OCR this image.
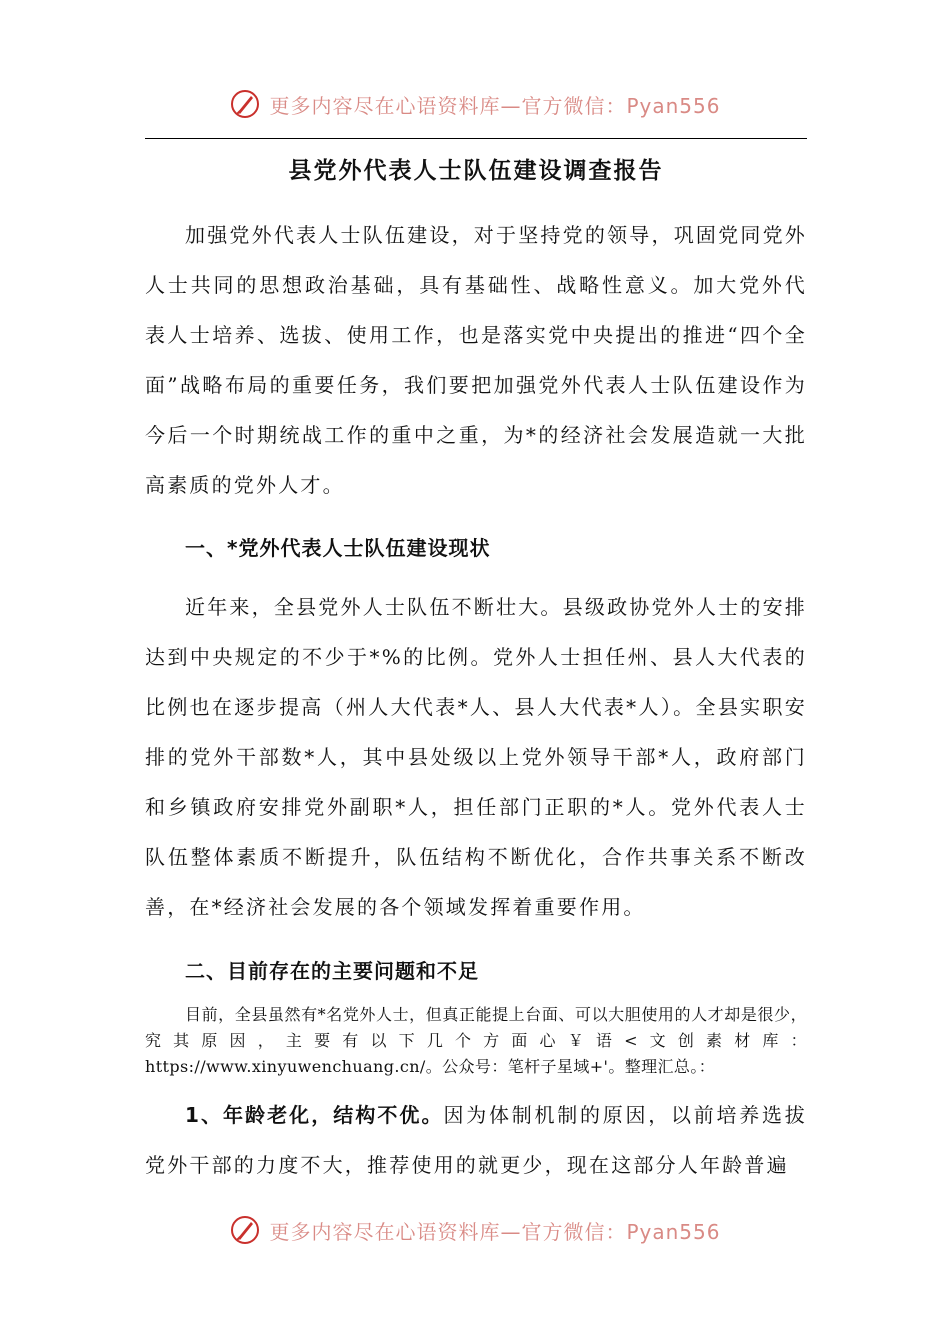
更多内容尽在心语资料库—官方微信：Pyan556
县党外代表人士队伍建设调查报告

加强党外代表人士队伍建设，对于坚持党的领导，巩固党同党外人士共同的思想政治基础，具有基础性、战略性意义。加大党外代表人士培养、选拔、使用工作，也是落实党中央提出的推进“四个全面”战略布局的重要任务，我们要把加强党外代表人士队伍建设作为今后一个时期统战工作的重中之重，为*的经济社会发展造就一大批高素质的党外人才。

一、*党外代表人士队伍建设现状

近年来，全县党外人士队伍不断壮大。县级政协党外人士的安排达到中央规定的不少于*%的比例。党外人士担任州、县人大代表的比例也在逐步提高（州人大代表*人、县人大代表*人）。全县实职安排的党外干部数*人，其中县处级以上党外领导干部*人，政府部门和乡镇政府安排党外副职*人，担任部门正职的*人。党外代表人士队伍整体素质不断提升，队伍结构不断优化，合作共事关系不断改善，在*经济社会发展的各个领域发挥着重要作用。

二、目前存在的主要问题和不足

目前，全县虽然有*名党外人士，但真正能提上台面、可以大胆使用的人才却是很少，究其原因，主要有以下几个方面心￥语<文创素材库：https://www.xinyuwenchuang.cn/。公众号：笔杆子星域+'。整理汇总。：

1、年龄老化，结构不优。因为体制机制的原因，以前培养选拔党外干部的力度不大，推荐使用的就更少，现在这部分人年龄普遍

更多内容尽在心语资料库—官方微信：Pyan556
